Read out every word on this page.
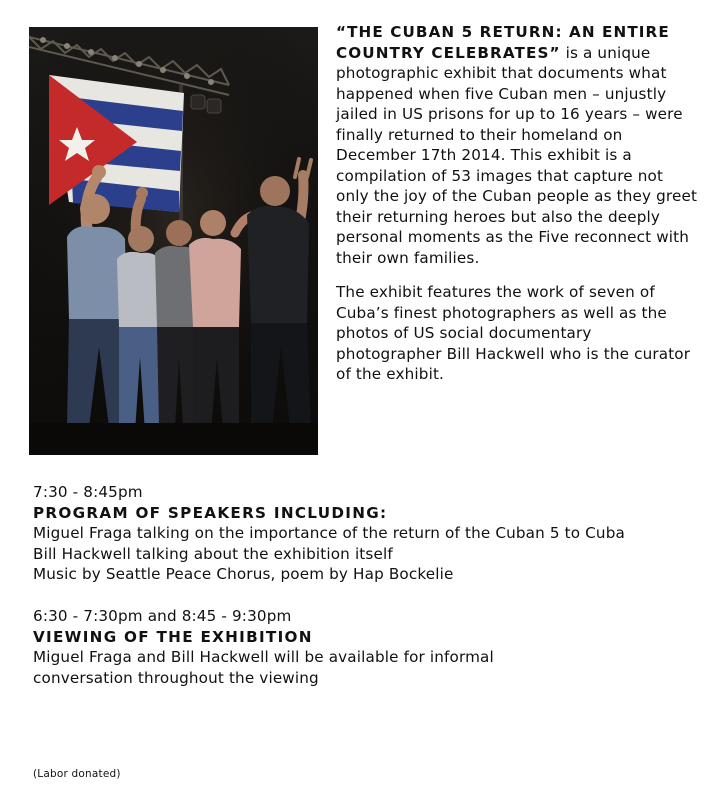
“THE CUBAN 5 RETURN: AN ENTIRE COUNTRY CELEBRATES” is a unique photographic exhibit that documents what happened when five Cuban men – unjustly jailed in US prisons for up to 16 years – were finally returned to their homeland on December 17th 2014. This exhibit is a compilation of 53 images that capture not only the joy of the Cuban people as they greet their returning heroes but also the deeply personal moments as the Five reconnect with their own families.

The exhibit features the work of seven of Cuba’s finest photographers as well as the photos of US social documentary photographer Bill Hackwell who is the curator of the exhibit.

7:30 - 8:45pm
PROGRAM OF SPEAKERS INCLUDING:
Miguel Fraga talking on the importance of the return of the Cuban 5 to Cuba
Bill Hackwell talking about the exhibition itself
Music by Seattle Peace Chorus, poem by Hap Bockelie
6:30 - 7:30pm and 8:45 - 9:30pm
VIEWING OF THE EXHIBITION
Miguel Fraga and Bill Hackwell will be available for informal conversation throughout the viewing
(Labor donated)
